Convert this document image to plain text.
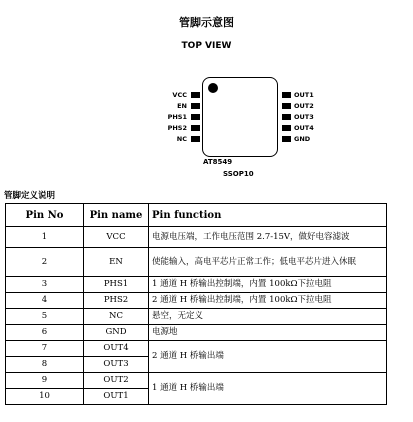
管脚示意图
TOP VIEW
VCC
EN
PHS1
PHS2
NC
OUT1
OUT2
OUT3
OUT4
GND
AT8549
SSOP10
管脚定义说明
Pin No	Pin name	Pin function
1	VCC	电源电压端，工作电压范围 2.7-15V，做好电容滤波
2	EN	使能输入，高电平芯片正常工作；低电平芯片进入休眠
3	PHS1	1 通道 H 桥输出控制端，内置 100kΩ下拉电阻
4	PHS2	2 通道 H 桥输出控制端，内置 100kΩ下拉电阻
5	NC	悬空，无定义
6	GND	电源地
7	OUT4	2 通道 H 桥输出端
8	OUT3	
9	OUT2	1 通道 H 桥输出端
10	OUT1	
